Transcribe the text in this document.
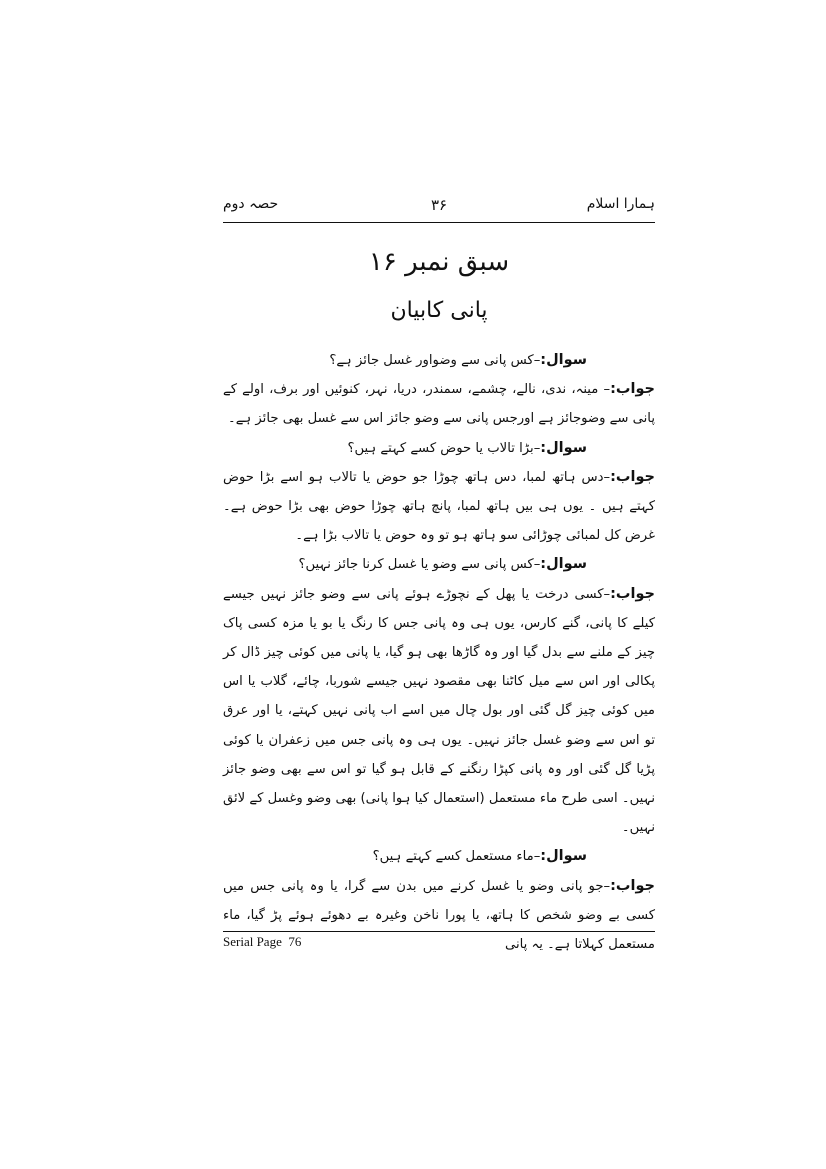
حصہ دوم	۳۶	ہمارا اسلام
سبق نمبر ۱۶
پانی کابیان

سوال:–کس پانی سے وضواور غسل جائز ہے؟

جواب:– مینہ، ندی، نالے، چشمے، سمندر، دریا، نہر، کنوئیں اور برف، اولے کے پانی سے وضوجائز ہے اورجس پانی سے وضو جائز اس سے غسل بھی جائز ہے۔

سوال:–بڑا تالاب یا حوض کسے کہتے ہیں؟

جواب:–دس ہاتھ لمبا، دس ہاتھ چوڑا جو حوض یا تالاب ہو اسے بڑا حوض کہتے ہیں ۔ یوں ہی بیں ہاتھ لمبا، پانچ ہاتھ چوڑا حوض بھی بڑا حوض ہے۔غرض کل لمبائی چوڑائی سو ہاتھ ہو تو وہ حوض یا تالاب بڑا ہے۔

سوال:–کس پانی سے وضو یا غسل کرنا جائز نہیں؟

جواب:–کسی درخت یا پھل کے نچوڑے ہوئے پانی سے وضو جائز نہیں جیسے کیلے کا پانی، گنے کارس، یوں ہی وہ پانی جس کا رنگ یا بو یا مزہ کسی پاک چیز کے ملنے سے بدل گیا اور وہ گاڑھا بھی ہو گیا، یا پانی میں کوئی چیز ڈال کر پکالی اور اس سے میل کاٹنا بھی مقصود نہیں جیسے شوربا، چائے، گلاب یا اس میں کوئی چیز گل گئی اور بول چال میں اسے اب پانی نہیں کہتے، یا اور عرق تو اس سے وضو غسل جائز نہیں۔ یوں ہی وہ پانی جس میں زعفران یا کوئی پڑیا گل گئی اور وہ پانی کپڑا رنگنے کے قابل ہو گیا تو اس سے بھی وضو جائز نہیں۔ اسی طرح ماء مستعمل (استعمال کیا ہوا پانی) بھی وضو وغسل کے لائق نہیں۔

سوال:–ماء مستعمل کسے کہتے ہیں؟

جواب:–جو پانی وضو یا غسل کرنے میں بدن سے گرا، یا وہ پانی جس میں کسی بے وضو شخص کا ہاتھ، یا پورا ناخن وغیرہ بے دھوئے ہوئے پڑ گیا، ماء مستعمل کہلاتا ہے۔ یہ پانی

Serial Page 76
